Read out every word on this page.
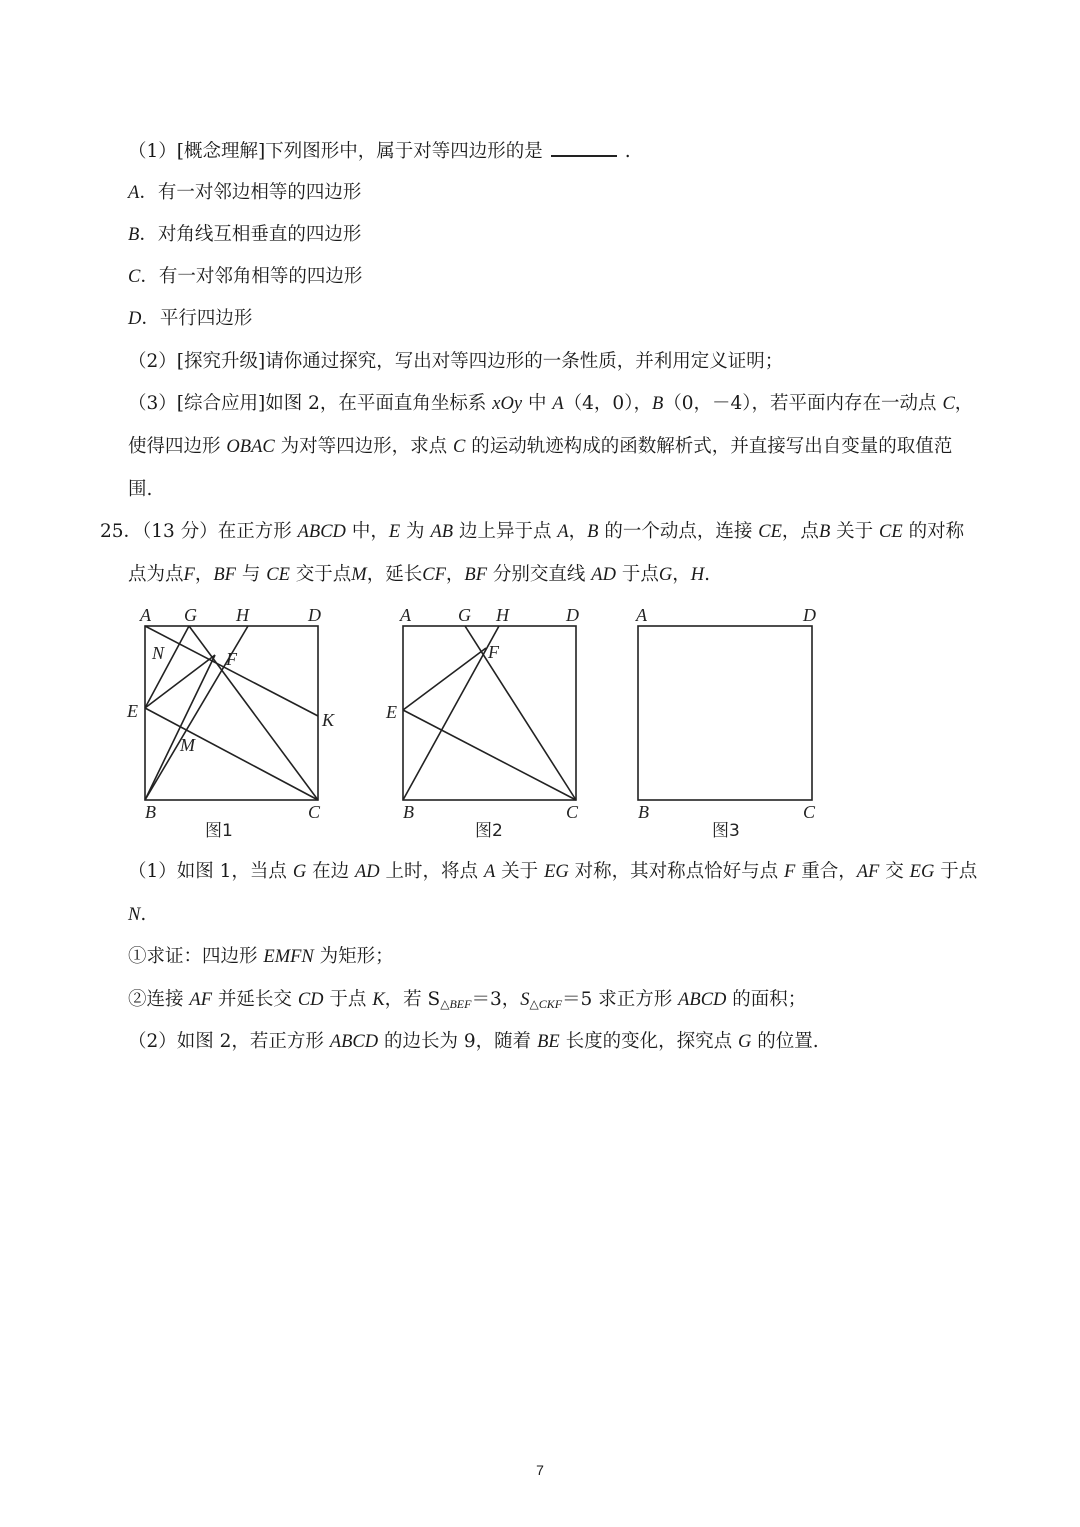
（1）[概念理解]下列图形中，属于对等四边形的是	.
A．有一对邻边相等的四边形
B．对角线互相垂直的四边形
C．有一对邻角相等的四边形
D．平行四边形
（2）[探究升级]请你通过探究，写出对等四边形的一条性质，并利用定义证明；
（3）[综合应用]如图 2，在平面直角坐标系 xOy 中 A（4，0），B（0，－4），若平面内存在一动点 C，
使得四边形 OBAC 为对等四边形，求点 C 的运动轨迹构成的函数解析式，并直接写出自变量的取值范
围.
25．（13 分）在正方形 ABCD 中，E 为 AB 边上异于点 A，B 的一个动点，连接 CE，点B 关于 CE 的对称
点为点F，BF 与 CE 交于点M，延长CF，BF 分别交直线 AD 于点G，H.
A G H	D
N	F
E	K
M
B	C
图1
A	G H	D
F
E
B	C
图2
A	D
B	C
图3
（1）如图 1，当点 G 在边 AD 上时，将点 A 关于 EG 对称，其对称点恰好与点 F 重合，AF 交 EG 于点
N.
①求证：四边形 EMFN 为矩形；
②连接 AF 并延长交 CD 于点 K，若 $S_{\triangle BEF}=3$，$S_{\triangle CKF}=5$ 求正方形 ABCD 的面积；
（2）如图 2，若正方形 ABCD 的边长为 9，随着 BE 长度的变化，探究点 G 的位置.
7
